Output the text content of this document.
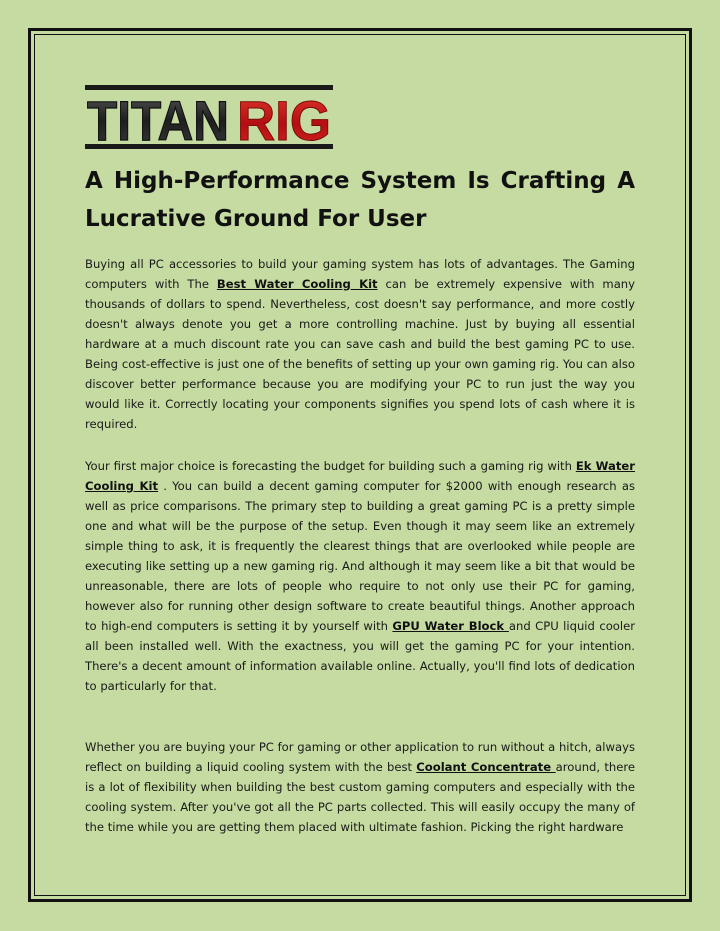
TITAN RIG
A High-Performance System Is Crafting A Lucrative Ground For User

Buying all PC accessories to build your gaming system has lots of advantages. The Gaming computers with The Best Water Cooling Kit can be extremely expensive with many thousands of dollars to spend. Nevertheless, cost doesn't say performance, and more costly doesn't always denote you get a more controlling machine. Just by buying all essential hardware at a much discount rate you can save cash and build the best gaming PC to use. Being cost-effective is just one of the benefits of setting up your own gaming rig. You can also discover better performance because you are modifying your PC to run just the way you would like it. Correctly locating your components signifies you spend lots of cash where it is required.

Your first major choice is forecasting the budget for building such a gaming rig with Ek Water Cooling Kit . You can build a decent gaming computer for $2000 with enough research as well as price comparisons. The primary step to building a great gaming PC is a pretty simple one and what will be the purpose of the setup. Even though it may seem like an extremely simple thing to ask, it is frequently the clearest things that are overlooked while people are executing like setting up a new gaming rig. And although it may seem like a bit that would be unreasonable, there are lots of people who require to not only use their PC for gaming, however also for running other design software to create beautiful things. Another approach to high-end computers is setting it by yourself with GPU Water Block and CPU liquid cooler all been installed well. With the exactness, you will get the gaming PC for your intention. There's a decent amount of information available online. Actually, you'll find lots of dedication to particularly for that.

Whether you are buying your PC for gaming or other application to run without a hitch, always reflect on building a liquid cooling system with the best Coolant Concentrate around, there is a lot of flexibility when building the best custom gaming computers and especially with the cooling system. After you've got all the PC parts collected. This will easily occupy the many of the time while you are getting them placed with ultimate fashion. Picking the right hardware
